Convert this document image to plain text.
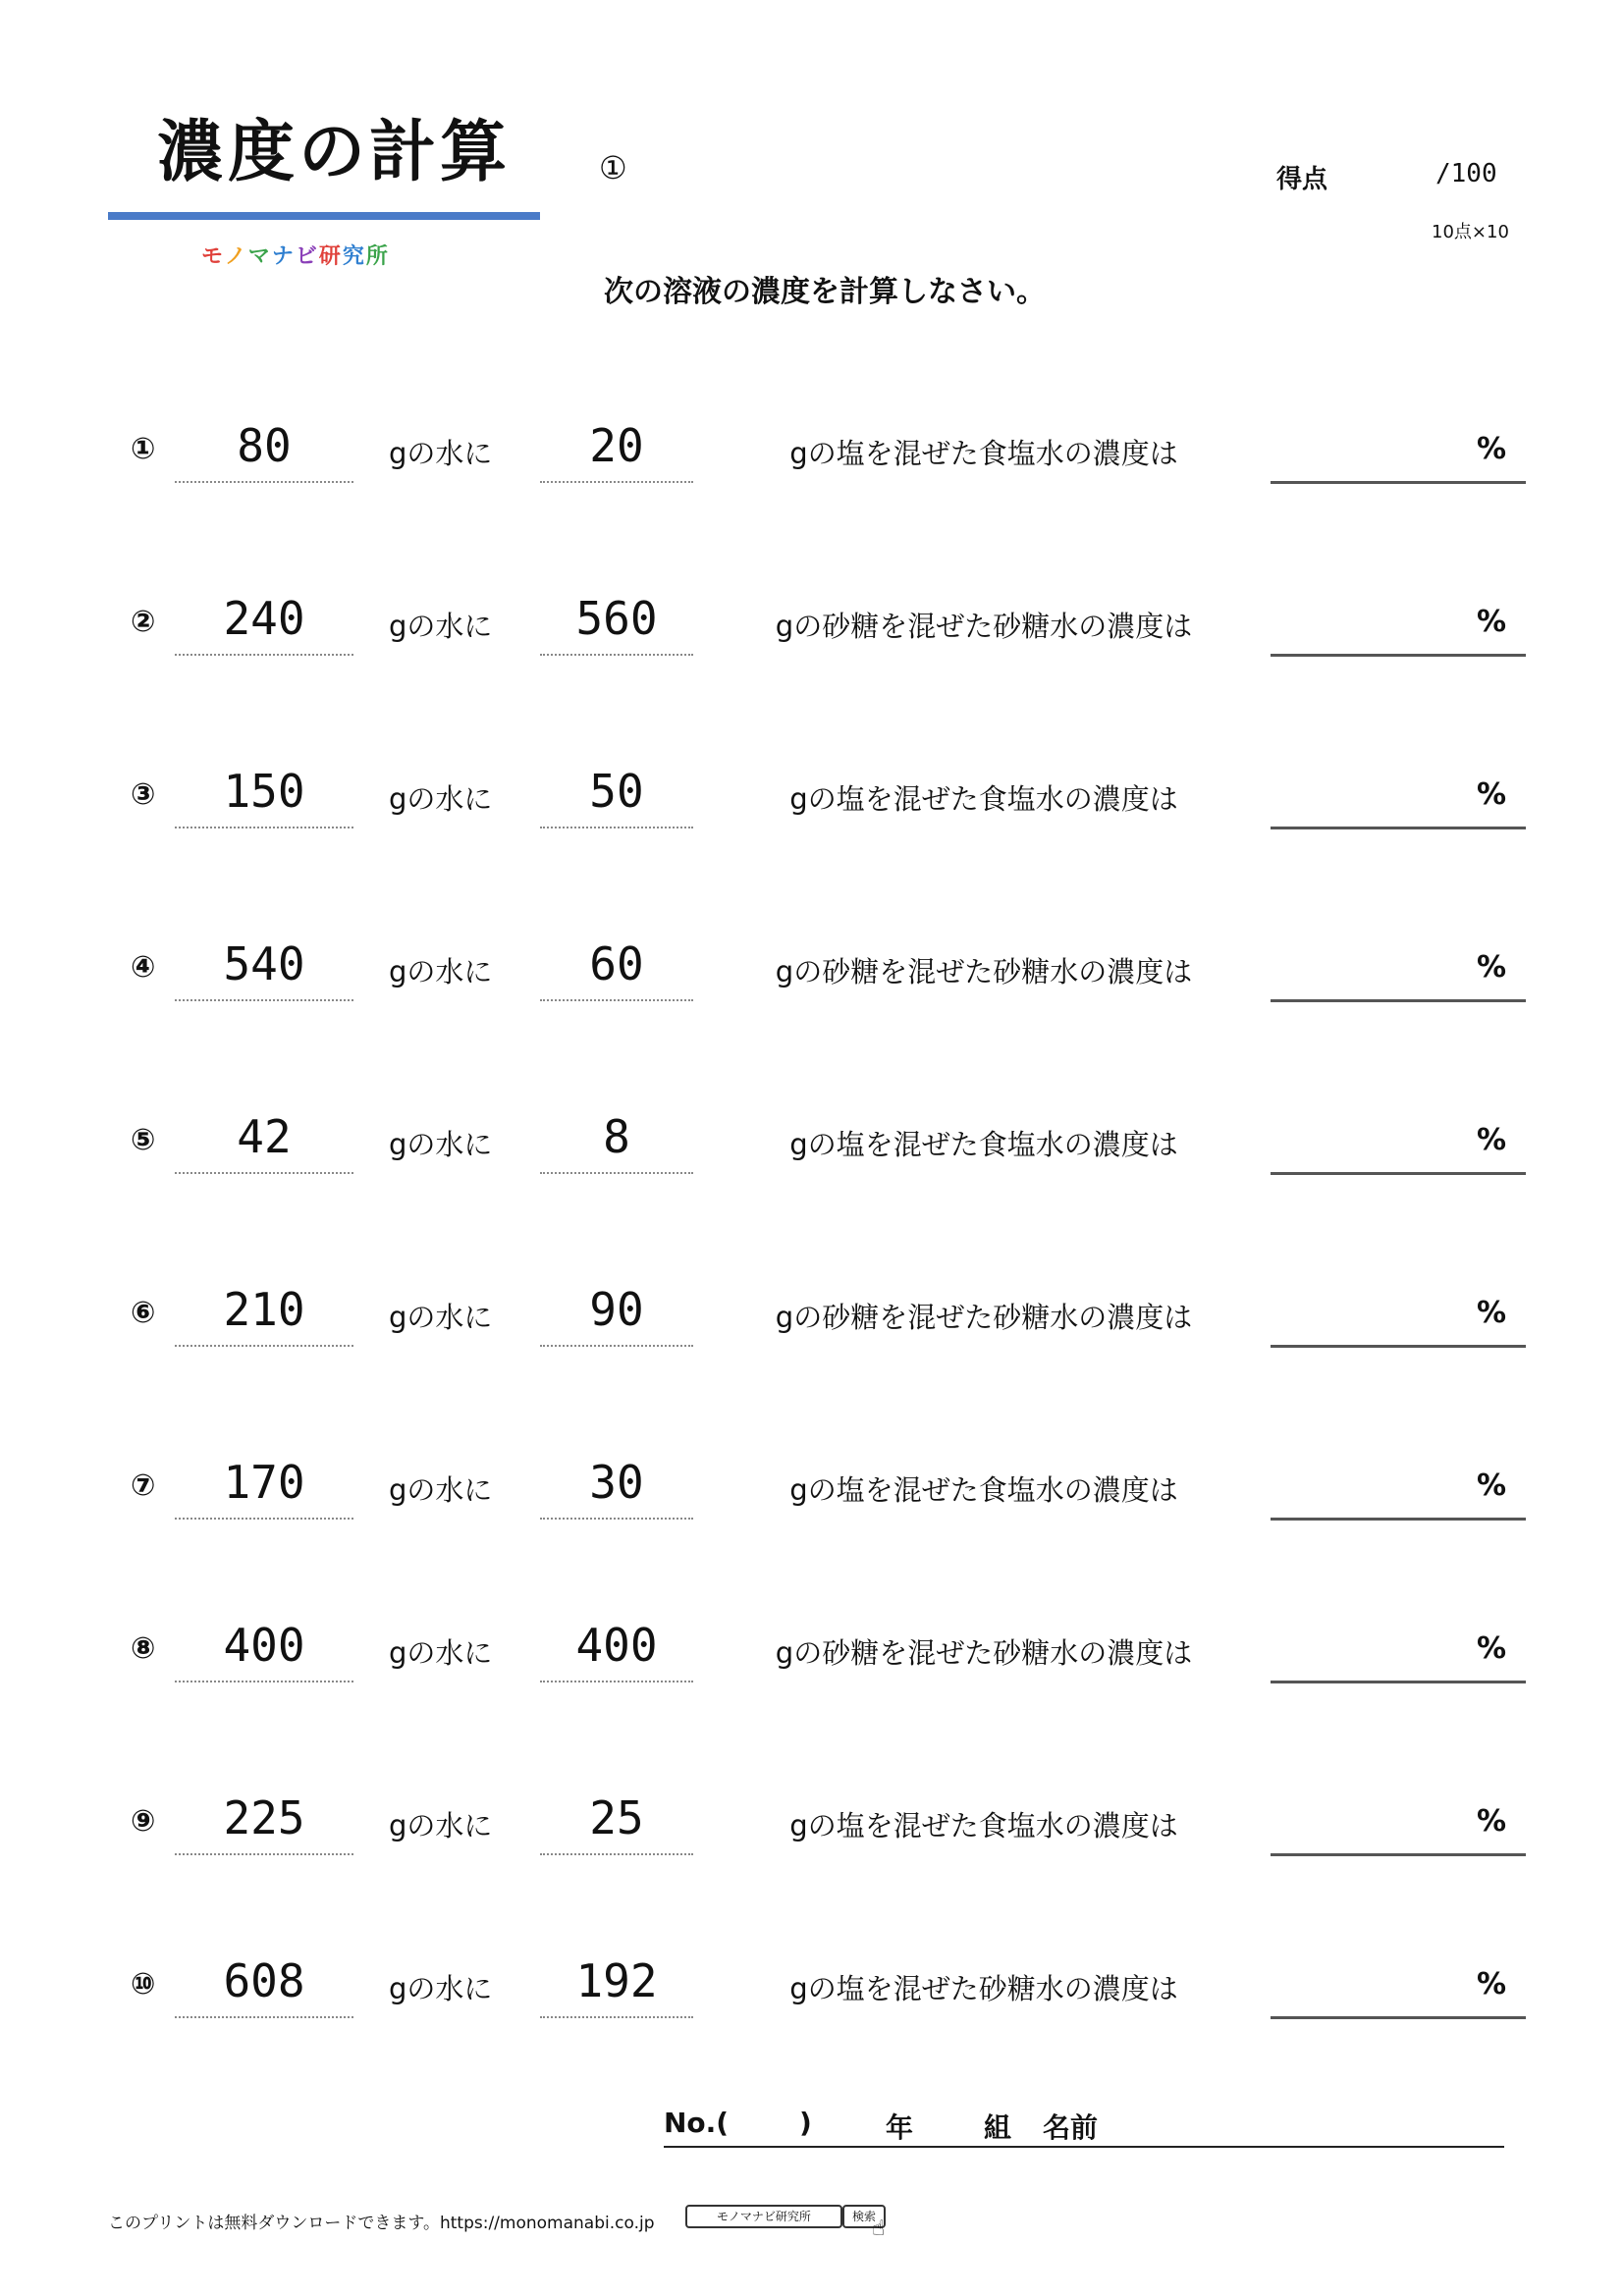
濃度の計算
モノマナビ研究所
①	得点	/100
10点×10
次の溶液の濃度を計算しなさい。
①	80	gの水に	20	gの塩を混ぜた食塩水の濃度は	%
②	240	gの水に	560	gの砂糖を混ぜた砂糖水の濃度は	%
③	150	gの水に	50	gの塩を混ぜた食塩水の濃度は	%
④	540	gの水に	60	gの砂糖を混ぜた砂糖水の濃度は	%
⑤	42	gの水に	8	gの塩を混ぜた食塩水の濃度は	%
⑥	210	gの水に	90	gの砂糖を混ぜた砂糖水の濃度は	%
⑦	170	gの水に	30	gの塩を混ぜた食塩水の濃度は	%
⑧	400	gの水に	400	gの砂糖を混ぜた砂糖水の濃度は	%
⑨	225	gの水に	25	gの塩を混ぜた食塩水の濃度は	%
⑩	608	gの水に	192	gの塩を混ぜた砂糖水の濃度は	%
No.(	)	年	組 名前
このプリントは無料ダウンロードできます。https://monomanabi.co.jp	モノマナビ研究所	検索
☝
